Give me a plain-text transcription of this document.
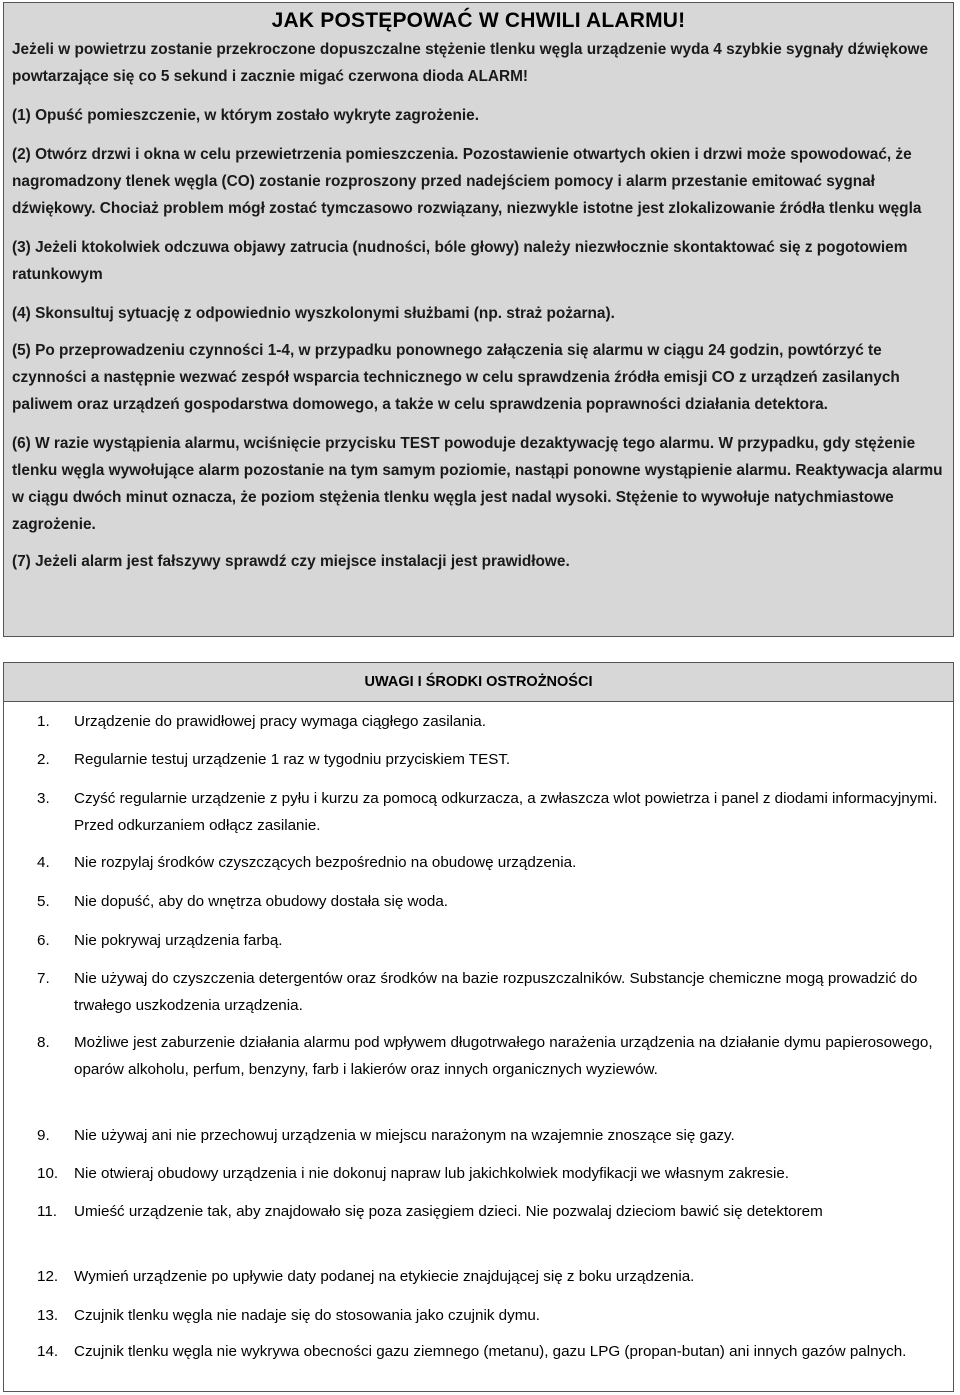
JAK POSTĘPOWAĆ W CHWILI ALARMU!

Jeżeli w powietrzu zostanie przekroczone dopuszczalne stężenie tlenku węgla urządzenie wyda 4 szybkie sygnały dźwiękowe powtarzające się co 5 sekund i zacznie migać czerwona dioda ALARM!

(1) Opuść pomieszczenie, w którym zostało wykryte zagrożenie.

(2) Otwórz drzwi i okna w celu przewietrzenia pomieszczenia. Pozostawienie otwartych okien i drzwi może spowodować, że nagromadzony tlenek węgla (CO) zostanie rozproszony przed nadejściem pomocy i alarm przestanie emitować sygnał dźwiękowy. Chociaż problem mógł zostać tymczasowo rozwiązany, niezwykle istotne jest zlokalizowanie źródła tlenku węgla

(3) Jeżeli ktokolwiek odczuwa objawy zatrucia (nudności, bóle głowy) należy niezwłocznie skontaktować się z pogotowiem ratunkowym

(4) Skonsultuj sytuację z odpowiednio wyszkolonymi służbami (np. straż pożarna).

(5) Po przeprowadzeniu czynności 1-4, w przypadku ponownego załączenia się alarmu w ciągu 24 godzin, powtórzyć te czynności a następnie wezwać zespół wsparcia technicznego w celu sprawdzenia źródła emisji CO z urządzeń zasilanych paliwem oraz urządzeń gospodarstwa domowego, a także w celu sprawdzenia poprawności działania detektora.

(6) W razie wystąpienia alarmu, wciśnięcie przycisku TEST powoduje dezaktywację tego alarmu. W przypadku, gdy stężenie tlenku węgla wywołujące alarm pozostanie na tym samym poziomie, nastąpi ponowne wystąpienie alarmu. Reaktywacja alarmu w ciągu dwóch minut oznacza, że poziom stężenia tlenku węgla jest nadal wysoki. Stężenie to wywołuje natychmiastowe zagrożenie.

(7) Jeżeli alarm jest fałszywy sprawdź czy miejsce instalacji jest prawidłowe.

UWAGI I ŚRODKI OSTROŻNOŚCI
1. Urządzenie do prawidłowej pracy wymaga ciągłego zasilania.
2. Regularnie testuj urządzenie 1 raz w tygodniu przyciskiem TEST.
3. Czyść regularnie urządzenie z pyłu i kurzu za pomocą odkurzacza, a zwłaszcza wlot powietrza i panel z diodami informacyjnymi. Przed odkurzaniem odłącz zasilanie.
4. Nie rozpylaj środków czyszczących bezpośrednio na obudowę urządzenia.
5. Nie dopuść, aby do wnętrza obudowy dostała się woda.
6. Nie pokrywaj urządzenia farbą.
7. Nie używaj do czyszczenia detergentów oraz środków na bazie rozpuszczalników. Substancje chemiczne mogą prowadzić do trwałego uszkodzenia urządzenia.
8. Możliwe jest zaburzenie działania alarmu pod wpływem długotrwałego narażenia urządzenia na działanie dymu papierosowego, oparów alkoholu, perfum, benzyny, farb i lakierów oraz innych organicznych wyziewów.
9. Nie używaj ani nie przechowuj urządzenia w miejscu narażonym na wzajemnie znoszące się gazy.
10. Nie otwieraj obudowy urządzenia i nie dokonuj napraw lub jakichkolwiek modyfikacji we własnym zakresie.
11. Umieść urządzenie tak, aby znajdowało się poza zasięgiem dzieci. Nie pozwalaj dzieciom bawić się detektorem
12. Wymień urządzenie po upływie daty podanej na etykiecie znajdującej się z boku urządzenia.
13. Czujnik tlenku węgla nie nadaje się do stosowania jako czujnik dymu.
14. Czujnik tlenku węgla nie wykrywa obecności gazu ziemnego (metanu), gazu LPG (propan-butan) ani innych gazów palnych.
